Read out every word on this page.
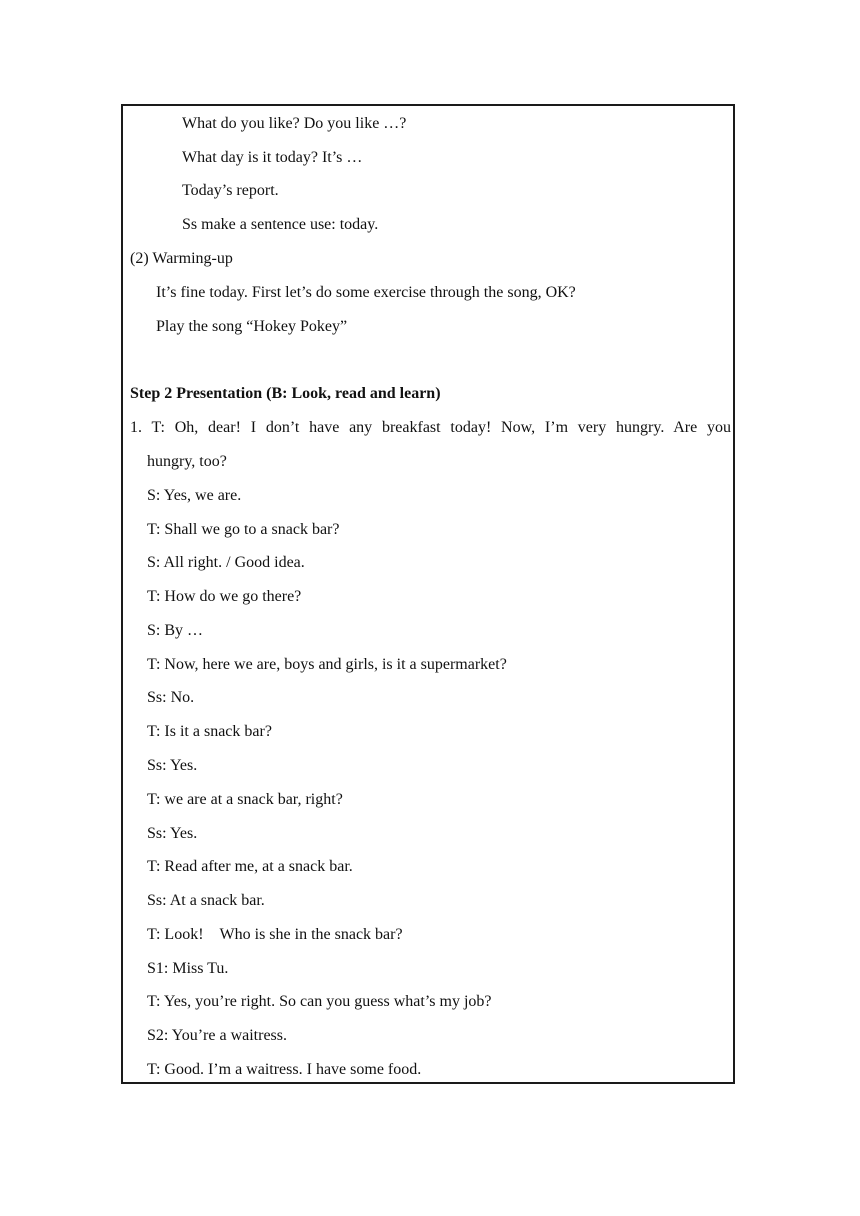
What do you like? Do you like …?
What day is it today? It’s …
Today’s report.
Ss make a sentence use: today.
(2) Warming-up
It’s fine today. First let’s do some exercise through the song, OK?
Play the song “Hokey Pokey”
Step 2 Presentation (B: Look, read and learn)
1. T: Oh, dear! I don’t have any breakfast today! Now, I’m very hungry. Are you
hungry, too?
S: Yes, we are.
T: Shall we go to a snack bar?
S: All right. / Good idea.
T: How do we go there?
S: By …
T: Now, here we are, boys and girls, is it a supermarket?
Ss: No.
T: Is it a snack bar?
Ss: Yes.
T: we are at a snack bar, right?
Ss: Yes.
T: Read after me, at a snack bar.
Ss: At a snack bar.
T: Look!    Who is she in the snack bar?
S1: Miss Tu.
T: Yes, you’re right. So can you guess what’s my job?
S2: You’re a waitress.
T: Good. I’m a waitress. I have some food.
